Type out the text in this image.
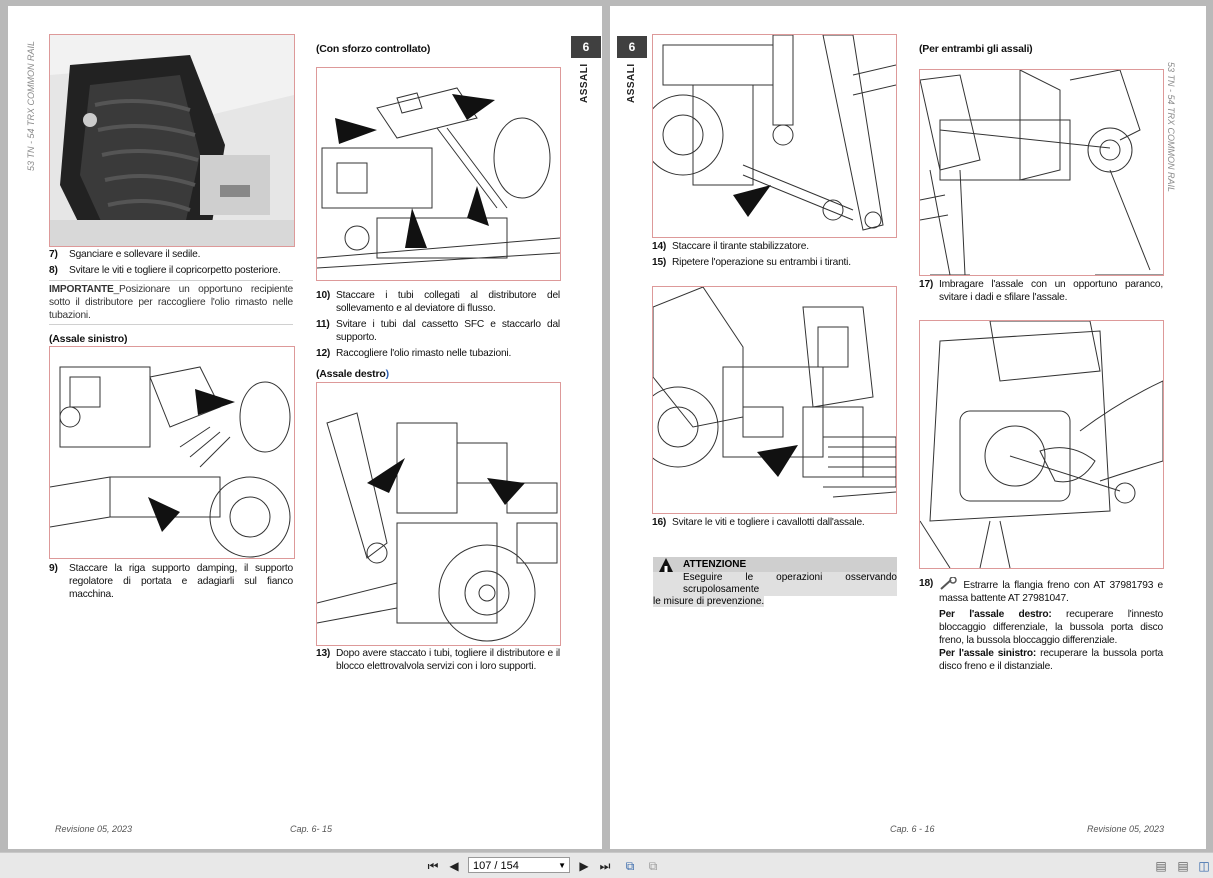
53 TN - 54 TRX COMMON RAIL	6
ASSALI
7)	Sganciare e sollevare il sedile.
8)	Svitare le viti e togliere il copricorpetto posteriore.
IMPORTANTE_Posizionare un opportuno recipiente sotto il distributore per raccogliere l'olio rimasto nelle tubazioni.
(Assale sinistro)
9)	Staccare la riga supporto damping, il supporto regolatore di portata e adagiarli sul fianco macchina.
(Con sforzo controllato)
10) Staccare i tubi collegati al distributore del sollevamento e al deviatore di flusso.
11) Svitare i tubi dal cassetto SFC e staccarlo dal supporto.
12) Raccogliere l'olio rimasto nelle tubazioni.
(Assale destro)
13) Dopo avere staccato i tubi, togliere il distributore e il blocco elettrovalvola servizi con i loro supporti.
Revisione 05, 2023	Cap. 6- 15
6
ASSALI	53 TN - 54 TRX COMMON RAIL
14) Staccare il tirante stabilizzatore.
15) Ripetere l'operazione su entrambi i tiranti.
16) Svitare le viti e togliere i cavallotti dall'assale.
ATTENZIONE
Eseguire le operazioni osservando scrupolosamente
le misure di prevenzione.
(Per entrambi gli assali)
17) Imbragare l'assale con un opportuno paranco, svitare i dadi e sfilare l'assale.
18)	Estrarre la flangia freno con AT 37981793 e massa battente AT 27981047.
Per l'assale destro: recuperare l'innesto bloccaggio differenziale, la bussola porta disco freno, la bussola bloccaggio differenziale.
Per l'assale sinistro: recuperare la bussola porta disco freno e il distanziale.
Cap. 6 - 16	Revisione 05, 2023
⏮ ◀	107 / 154	▼ ▶ ⏭	⧉	⧉	▤ ▤ ◫
